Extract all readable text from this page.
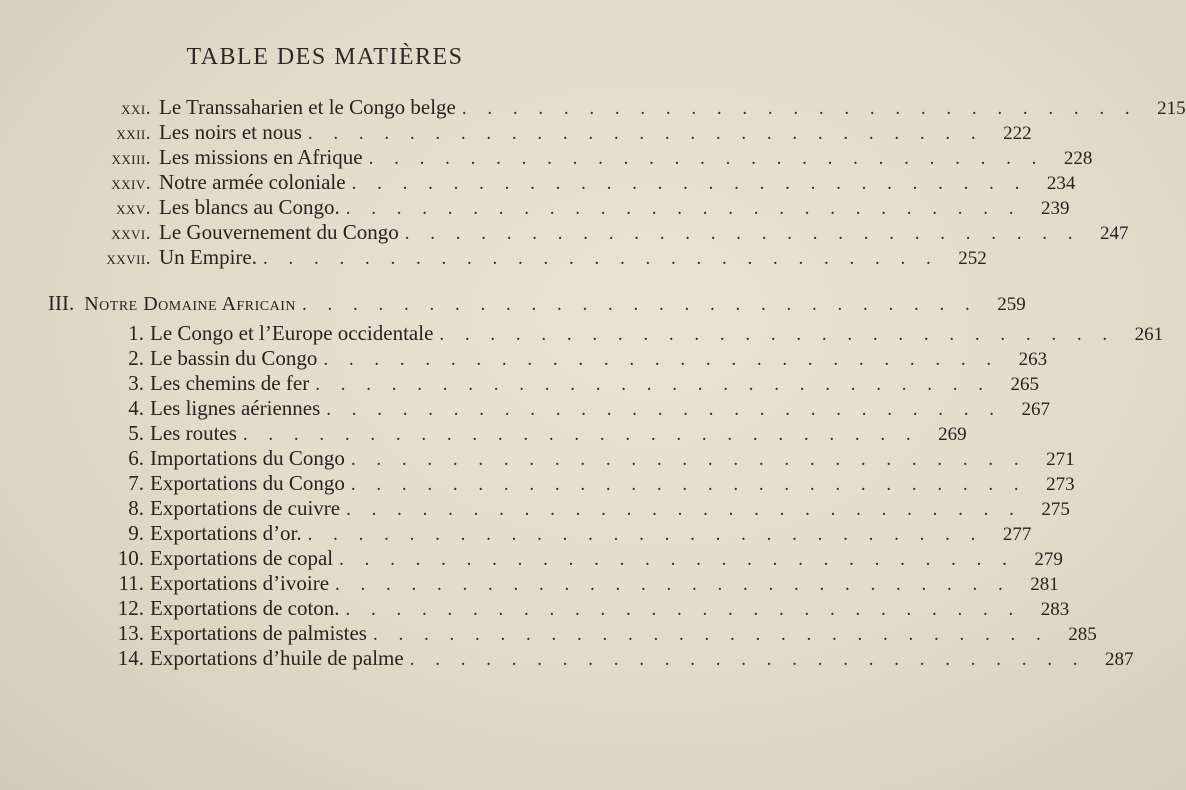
TABLE DES MATIÈRES
xxi. Le Transsaharien et le Congo belge . . . . . . . . . . . . . . . . . . . . . . . . . . .	215
xxii. Les noirs et nous . . . . . . . . . . . . . . . . . . . . . . . . . . .	222
xxiii. Les missions en Afrique . . . . . . . . . . . . . . . . . . . . . . . . . . .	228
xxiv. Notre armée coloniale . . . . . . . . . . . . . . . . . . . . . . . . . . .	234
xxv. Les blancs au Congo. . . . . . . . . . . . . . . . . . . . . . . . . . . .	239
xxvi. Le Gouvernement du Congo . . . . . . . . . . . . . . . . . . . . . . . . . . .	247
xxvii. Un Empire. . . . . . . . . . . . . . . . . . . . . . . . . . . .	252
III. Notre Domaine Africain . . . . . . . . . . . . . . . . . . . . . . . . . . .	259
1. Le Congo et l’Europe occidentale . . . . . . . . . . . . . . . . . . . . . . . . . . .	261
2. Le bassin du Congo . . . . . . . . . . . . . . . . . . . . . . . . . . .	263
3. Les chemins de fer . . . . . . . . . . . . . . . . . . . . . . . . . . .	265
4. Les lignes aériennes . . . . . . . . . . . . . . . . . . . . . . . . . . .	267
5. Les routes . . . . . . . . . . . . . . . . . . . . . . . . . . .	269
6. Importations du Congo . . . . . . . . . . . . . . . . . . . . . . . . . . .	271
7. Exportations du Congo . . . . . . . . . . . . . . . . . . . . . . . . . . .	273
8. Exportations de cuivre . . . . . . . . . . . . . . . . . . . . . . . . . . .	275
9. Exportations d’or. . . . . . . . . . . . . . . . . . . . . . . . . . . .	277
10. Exportations de copal . . . . . . . . . . . . . . . . . . . . . . . . . . .	279
11. Exportations d’ivoire . . . . . . . . . . . . . . . . . . . . . . . . . . .	281
12. Exportations de coton. . . . . . . . . . . . . . . . . . . . . . . . . . . .	283
13. Exportations de palmistes . . . . . . . . . . . . . . . . . . . . . . . . . . .	285
14. Exportations d’huile de palme . . . . . . . . . . . . . . . . . . . . . . . . . . .	287
